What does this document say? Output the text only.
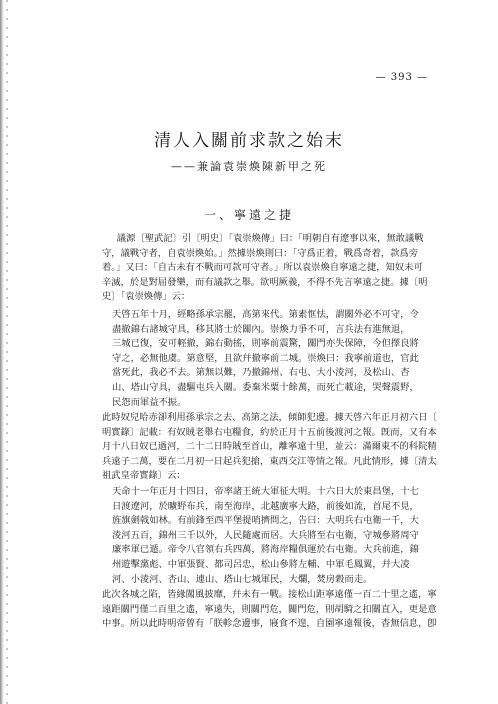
— 393 —
清人入關前求款之始末
——兼論袁崇煥陳新甲之死
一、寧遠之捷
議源〔聖武記〕引〔明史〕「袁崇煥傳」曰：「明朝自有遼事以來，無敢議戰
守，議戰守者，自袁崇煥始。」然據崇煥則曰：「守爲正着，戰爲奇着，款爲旁
着。」又曰：「自古未有不戰而可款可守者。」所以袁崇煥自寧遠之捷，知奴未可
辛滅，於是對屈發樂，而有議款之舉。欲明厥義，不得不先言寧遠之捷。據〔明
史〕「袁崇煥傳」云：
天啓五年十月，經略孫承宗罷，高第來代。第素恇怯，謂關外必不可守，令
盡撤錦右諸城守具，移其將士於關內。崇煥力爭不可，言兵法有進無退，
三城已復，安可輕撤，錦右動搖，則寧前震驚，關門亦失保障，今但擇良將
守之，必無他虞。第意堅，且欲幷撤寧前二城。崇煥曰：我寧前道也，官此
當死此，我必不去。第無以難，乃撤錦州、右屯、大小淩河，及松山、杏
山、塔山守具，盡驅屯兵入關。委棄米粟十餘萬，而死亡載途，哭聲震野，
民怨而軍益不振。
此時奴兒哈赤卻利用孫承宗之去、高第之法，傾師犯邊。據天啓六年正月初六日〔
明實錄〕記載：有奴賊老舉右屯糧食，約於正月十五前後渡河之報。旣而，又有本
月十八日奴已過河，二十二日時賊至首山，離寧遠十里，並云：滿爾東不的科院精
兵遠子二萬，要在二月初一日起兵犯搶，東西交江等情之報。凡此情形，據〔清太
祖武皇帝實錄〕云：
天命十一年正月十四日，帝率諸王統大軍征大明。十六日大於東昌堡，十七
日渡遼河，於曠野布兵，南至海岸，北越廣寧大路，前後如流，首尾不見，
旌旗劍戟如林。有前鋒至西平堡提哨擠問之，告曰：大明兵右屯衛一千，大
淩河五百，錦州三千以外，人民隨處而居。大兵將至右屯衛，守城參將周守
廉率軍已遁。帝令八官領右兵四萬，將海岸糧俱運於右屯衛。大兵前進，錦
州遊擊黨彪、中軍張賢、都司呂忠，松山參將左輔、中軍毛鳳翼，幷大凌
河、小淩河、杏山、連山、塔山七城軍民，大爛，焚房穀而走。
此次各城之陷，皆緣闖風披靡，幷未有一戰。接松山距寧遠僅一百二十里之遙，寧
遠距關門僅二百里之遙，寧遠失，則關門危，關門危，則胡騎之扣關直入，更是意
中事。所以此時明帝曾有「朕軫念邊事，寢食不遑，自園寧遠報後，杳無信息，卽
